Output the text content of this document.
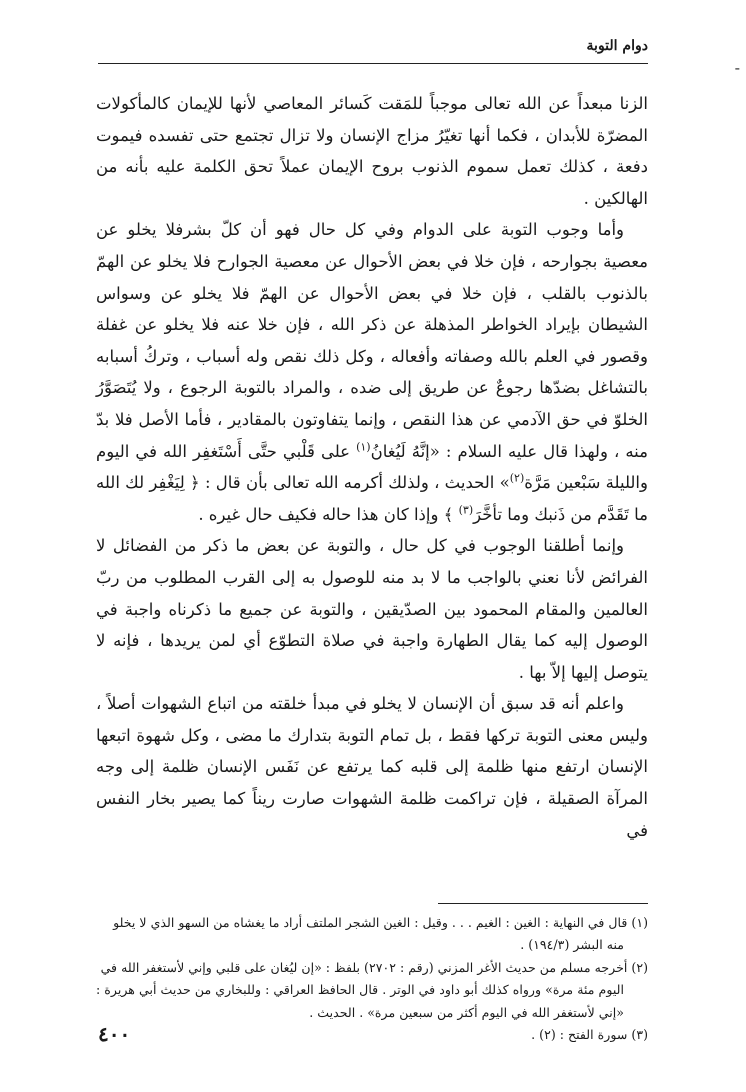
دوام التوبة
-

الزنا مبعداً عن الله تعالى موجباً للمَقت كَسائر المعاصي لأنها للإيمان كالمأكولات المضرّة للأبدان ، فكما أنها تغيّرُ مزاج الإنسان ولا تزال تجتمع حتى تفسده فيموت دفعة ، كذلك تعمل سموم الذنوب بروح الإيمان عملاً تحق الكلمة عليه بأنه من الهالكين .

وأما وجوب التوبة على الدوام وفي كل حال فهو أن كلّ بشرفلا يخلو عن معصية بجوارحه ، فإن خلا في بعض الأحوال عن معصية الجوارح فلا يخلو عن الهمّ بالذنوب بالقلب ، فإن خلا في بعض الأحوال عن الهمّ فلا يخلو عن وسواس الشيطان بإيراد الخواطر المذهلة عن ذكر الله ، فإن خلا عنه فلا يخلو عن غفلة وقصور في العلم بالله وصفاته وأفعاله ، وكل ذلك نقص وله أسباب ، وتركُ أسبابه بالتشاغل بضدّها رجوعٌ عن طريق إلى ضده ، والمراد بالتوبة الرجوع ، ولا يُتَصَوَّرُ الخلوّ في حق الآدمي عن هذا النقص ، وإنما يتفاوتون بالمقادير ، فأما الأصل فلا بدّ منه ، ولهذا قال عليه السلام : «إنَّهُ لَيُغانُ$^{(١)}$ على قَلْبي حتَّى أَسْتَغفِر الله في اليوم والليلة سَبْعين مَرَّة$^{(٢)}$» الحديث ، ولذلك أكرمه الله تعالى بأن قال : ﴿ لِيَغْفِر لك الله ما تَقَدَّم من ذَنبك وما تأخَّرَ$^{(٣)}$ ﴾ وإذا كان هذا حاله فكيف حال غيره .

وإنما أطلقنا الوجوب في كل حال ، والتوبة عن بعض ما ذكر من الفضائل لا الفرائض لأنا نعني بالواجب ما لا بد منه للوصول به إلى القرب المطلوب من ربّ العالمين والمقام المحمود بين الصدّيقين ، والتوبة عن جميع ما ذكرناه واجبة في الوصول إليه كما يقال الطهارة واجبة في صلاة التطوّع أي لمن يريدها ، فإنه لا يتوصل إليها إلاّ بها .

واعلم أنه قد سبق أن الإنسان لا يخلو في مبدأ خلقته من اتباع الشهوات أصلاً ، وليس معنى التوبة تركها فقط ، بل تمام التوبة بتدارك ما مضى ، وكل شهوة اتبعها الإنسان ارتفع منها ظلمة إلى قلبه كما يرتفع عن نَفَس الإنسان ظلمة إلى وجه المرآة الصقيلة ، فإن تراكمت ظلمة الشهوات صارت ريناً كما يصير بخار النفس في

(١)قال في النهاية : الغين : الغيم . . . وقيل : الغين الشجر الملتف أراد ما يغشاه من السهو الذي لا يخلو
منه البشر (١٩٤/٣) .
(٢)أخرجه مسلم من حديث الأغر المزني (رقم : ٢٧٠٢) بلفظ : «إن ليُغان على قلبي وإني لأستغفر الله في
اليوم مئة مرة» ورواه كذلك أبو داود في الوتر . قال الحافظ العراقي : وللبخاري من حديث أبي هريرة : «إني لأستغفر الله في اليوم أكثر من سبعين مرة» . الحديث .
(٣)سورة الفتح : (٢) .
٤٠٠
